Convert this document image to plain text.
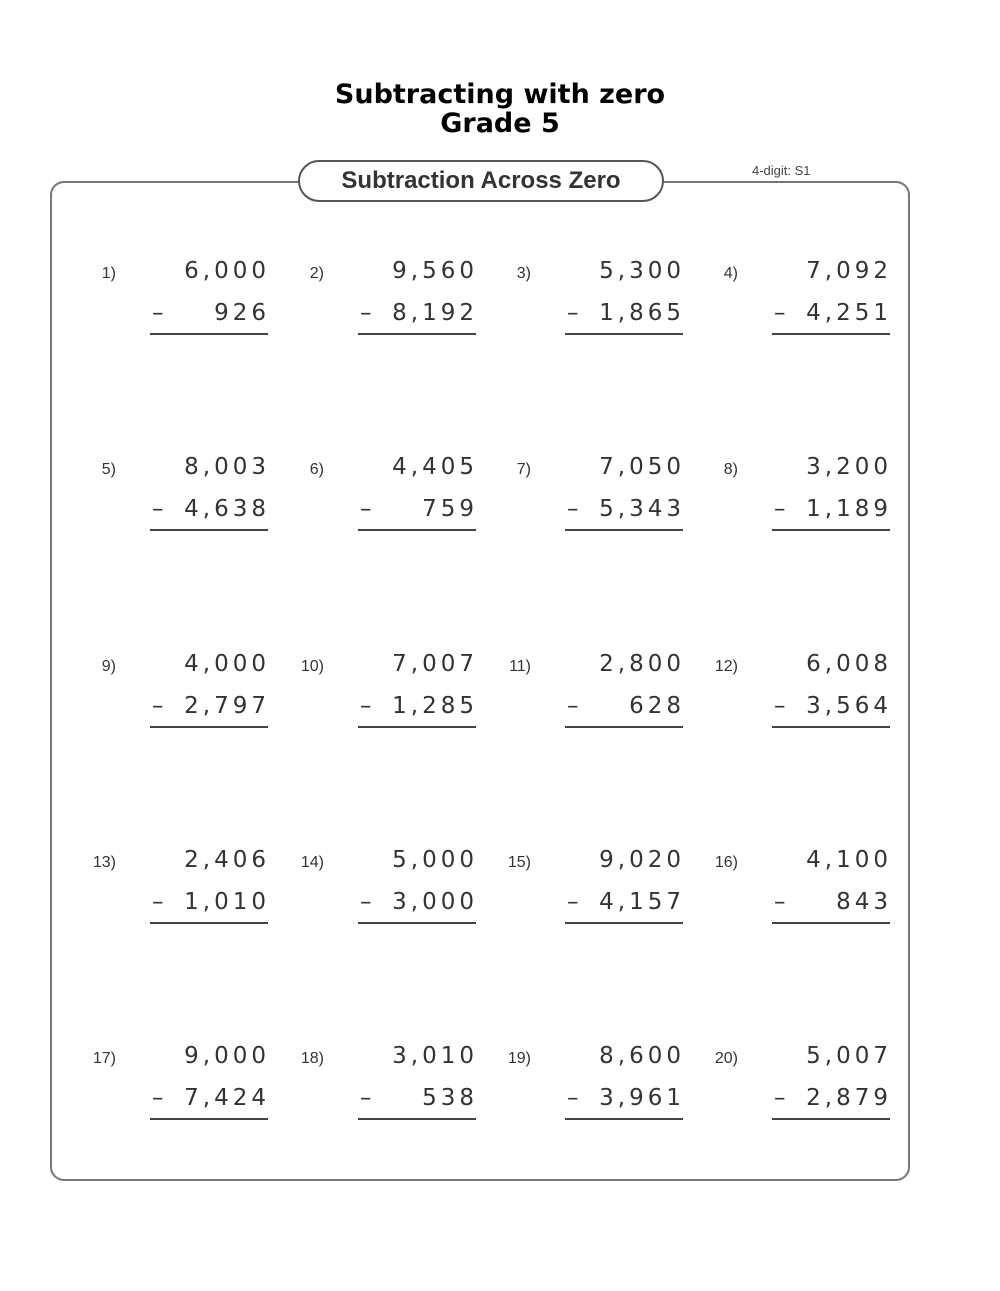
Subtracting with zero
Grade 5
Subtraction Across Zero	4-digit: S1
1)	6,000
–	926
2)	9,560
– 8,192
3)	5,300
– 1,865
4)	7,092
– 4,251
5)	8,003
– 4,638
6)	4,405
–	759
7)	7,050
– 5,343
8)	3,200
– 1,189
9)	4,000
– 2,797
10)	7,007
– 1,285
11)	2,800
–	628
12)	6,008
– 3,564
13)	2,406
– 1,010
14)	5,000
– 3,000
15)	9,020
– 4,157
16)	4,100
–	843
17)	9,000
– 7,424
18)	3,010
–	538
19)	8,600
– 3,961
20)	5,007
– 2,879
